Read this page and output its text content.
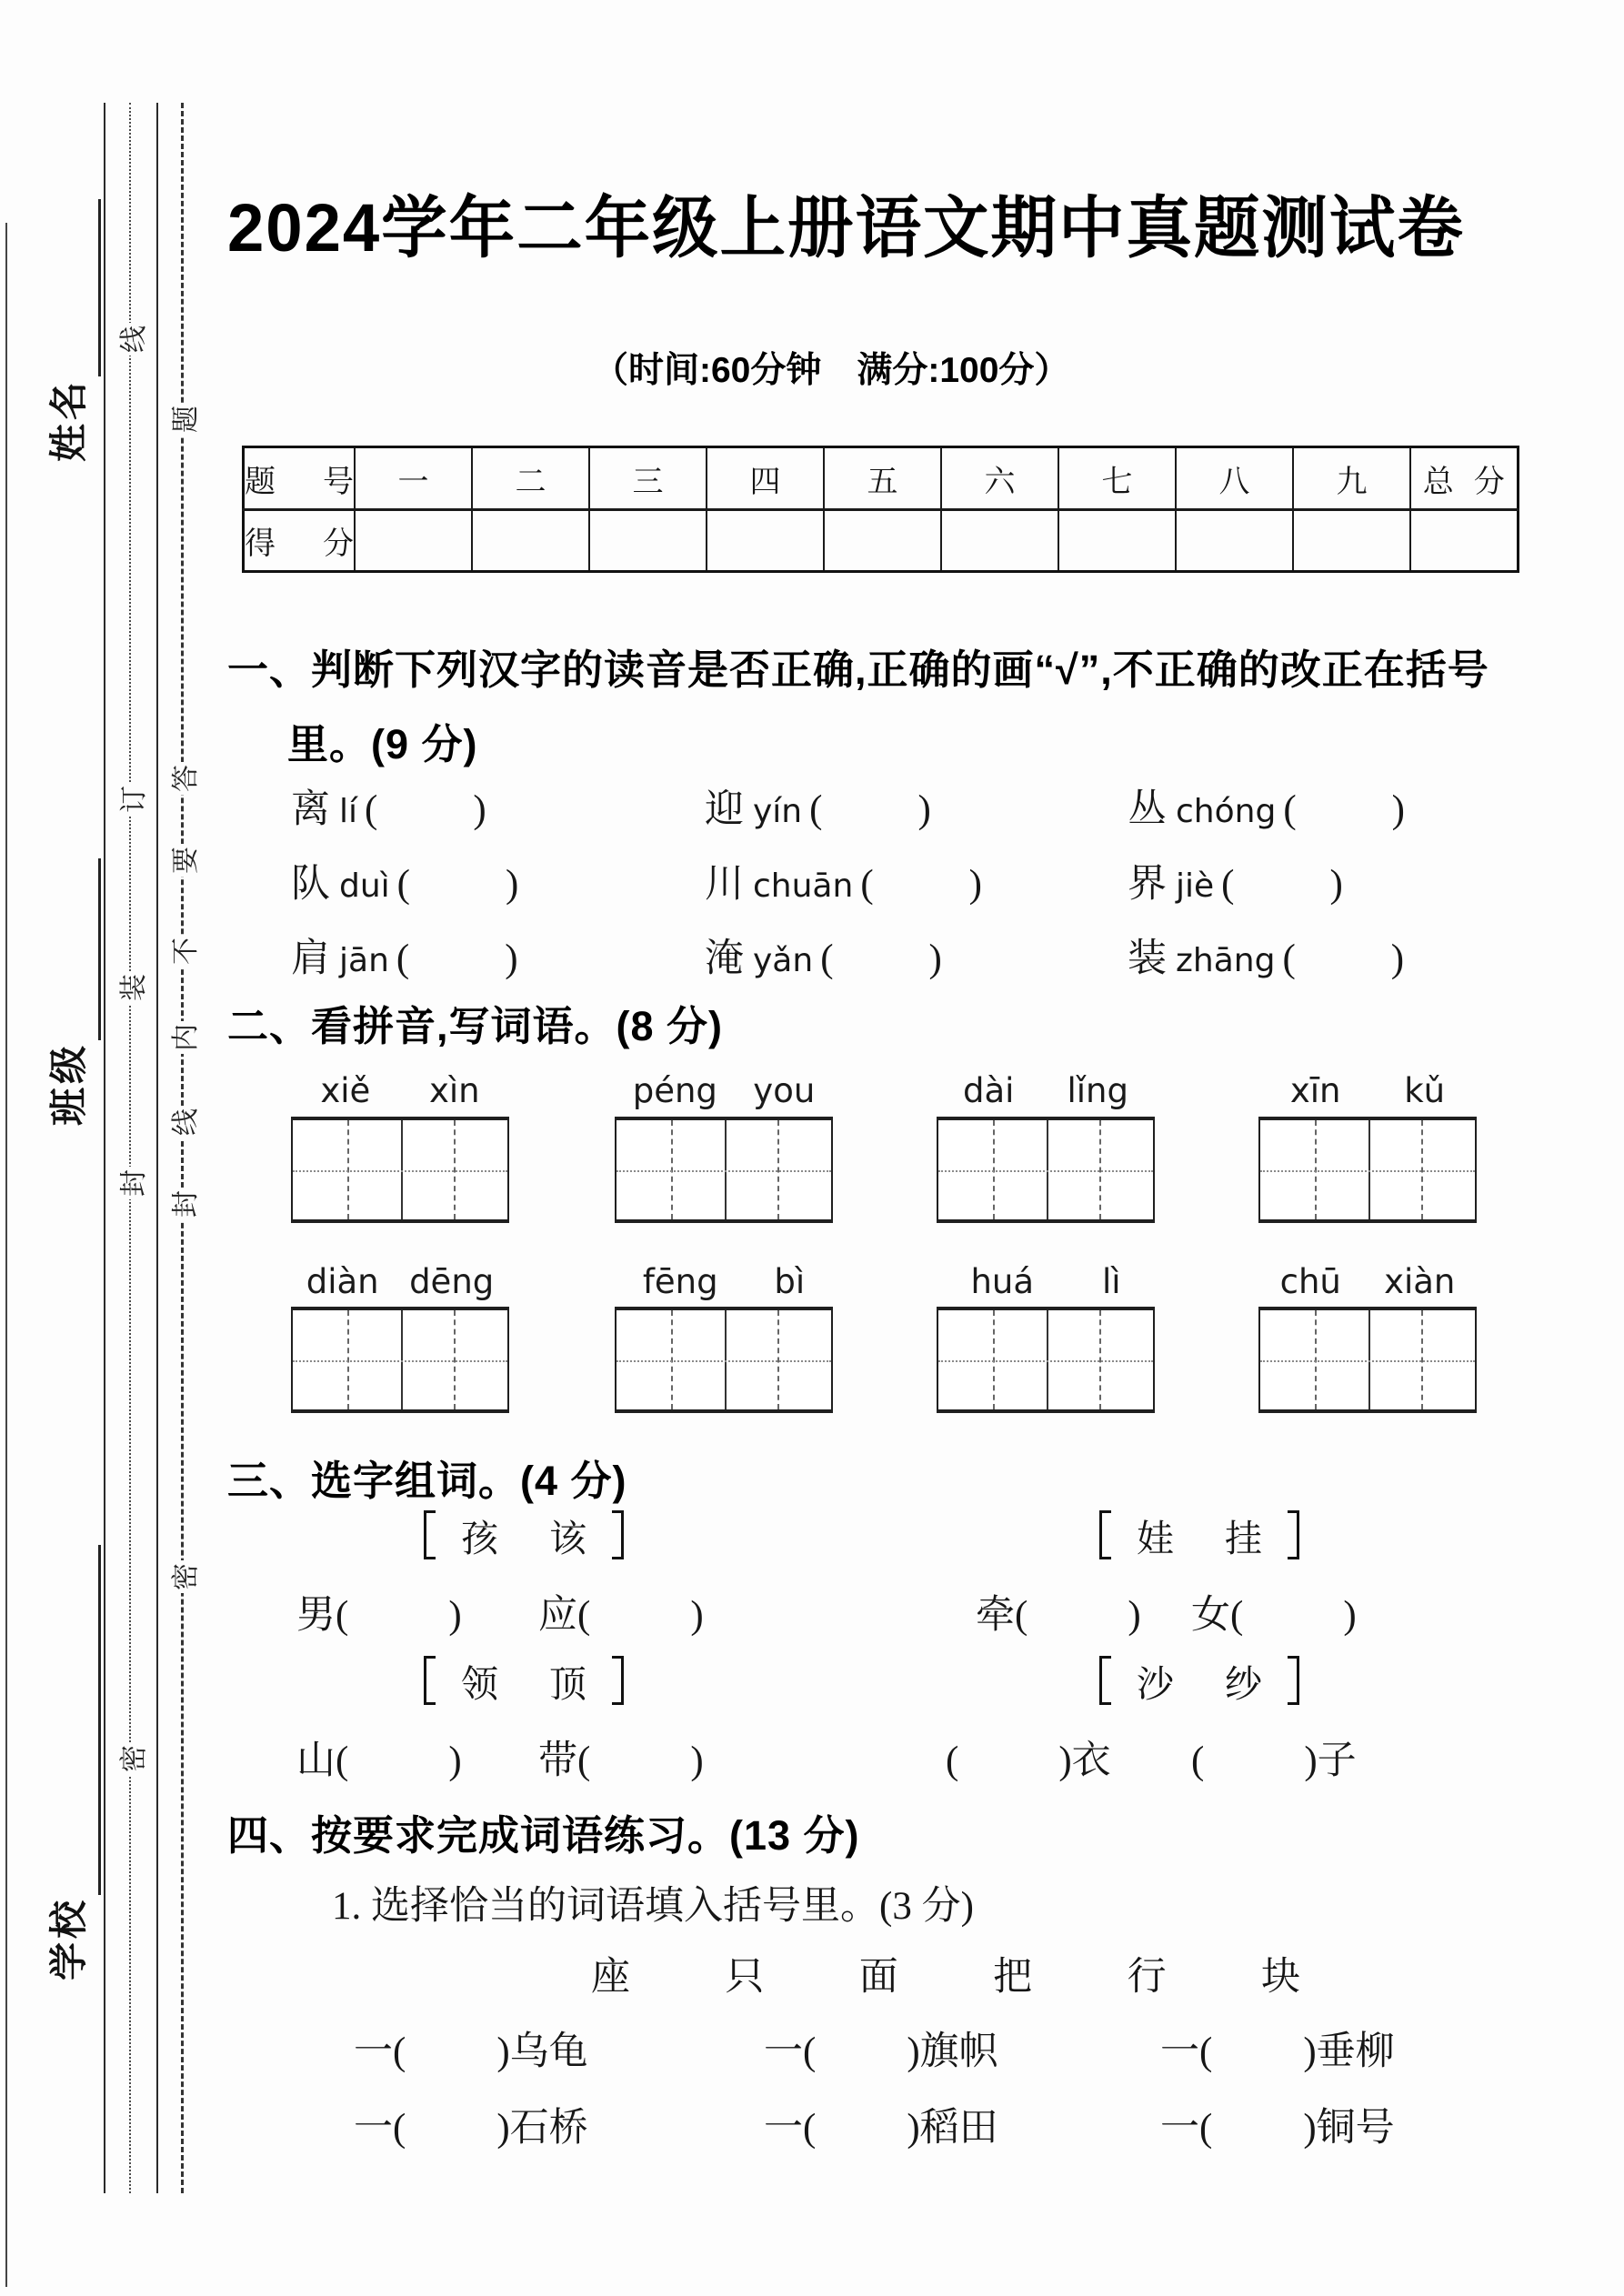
线
订
装
封
密
题
答
要
不
内
线
封
密
姓名
班级
学校
2024学年二年级上册语文期中真题测试卷
（时间:60分钟　满分:100分）
题 号	一	二	三	四	五	六	七	八	九	总 分

得 分										

一、判断下列汉字的读音是否正确,正确的画“√”,不正确的改正在括号
里。(9 分)
离 lí ( )	迎 yín ( )	丛 chóng ( )
队 duì ( )	川 chuān ( )	界 jiè ( )
肩 jān ( )	淹 yǎn ( )	装 zhāng ( )
二、看拼音,写词语。(8 分)
xiě xìn	péng you	dài lǐng	xīn kǔ
diàn dēng	fēng bì	huá lì	chū xiàn
三、选字组词。(4 分)
孩 该	娃 挂
男(	) 应(	)	牵(	) 女(	)
领 顶	沙 纱
山(	) 带(	)	(	)衣 (	)子
四、按要求完成词语练习。(13 分)
1. 选择恰当的词语填入括号里。(3 分)
座 只 面 把 行 块
一( )乌龟	一( )旗帜	一( )垂柳
一( )石桥	一( )稻田	一( )铜号
